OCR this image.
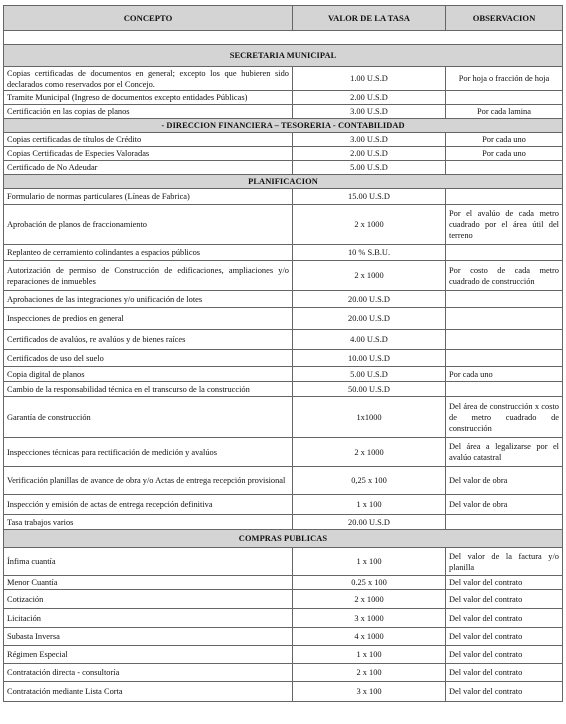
CONCEPTO	VALOR DE LA TASA	OBSERVACION

SECRETARIA MUNICIPAL		
Copias certificadas de documentos en general; excepto los que hubieren sido declarados como reservados por el Concejo.	1.00 U.S.D	Por hoja o fracción de hoja
Tramite Municipal (Ingreso de documentos excepto entidades Públicas)	2.00 U.S.D	
Certificación en las copias de planos	3.00 U.S.D	Por cada lamina
- DIRECCION FINANCIERA – TESORERIA - CONTABILIDAD		
Copias certificadas de títulos de Crédito	3.00 U.S.D	Por cada uno
Copias Certificadas de Especies Valoradas	2.00 U.S.D	Por cada uno
Certificado de No Adeudar	5.00 U.S.D	
PLANIFICACION		
Formulario de normas particulares (Líneas de Fabrica)	15.00 U.S.D	
Aprobación de planos de fraccionamiento	2 x 1000	Por el avalúo de cada metro cuadrado por el área útil del terreno
Replanteo de cerramiento colindantes a espacios públicos	10 % S.B.U.	
Autorización de permiso de Construcción de edificaciones, ampliaciones y/o reparaciones de inmuebles	2 x 1000	Por costo de cada metro cuadrado de construcción
Aprobaciones de las integraciones y/o unificación de lotes	20.00 U.S.D	
Inspecciones de predios en general	20.00 U.S.D	
Certificados de avalúos, re avalúos y de bienes raíces	4.00 U.S.D	
Certificados de uso del suelo	10.00 U.S.D	
Copia digital de planos	5.00 U.S.D	Por cada uno
Cambio de la responsabilidad técnica en el transcurso de la construcción	50.00 U.S.D	
Garantía de construcción	1x1000	Del área de construcción x costo de metro cuadrado de construcción
Inspecciones técnicas para rectificación de medición y avalúos	2 x 1000	Del área a legalizarse por el avalúo catastral
Verificación planillas de avance de obra y/o Actas de entrega recepción provisional	0,25 x 100	Del valor de obra
Inspección y emisión de actas de entrega recepción definitiva	1 x 100	Del valor de obra
Tasa trabajos varios	20.00 U.S.D	
COMPRAS PUBLICAS		
Ínfima cuantía	1 x 100	Del valor de la factura y/o planilla
Menor Cuantía	0.25 x 100	Del valor del contrato
Cotización	2 x 1000	Del valor del contrato
Licitación	3 x 1000	Del valor del contrato
Subasta Inversa	4 x 1000	Del valor del contrato
Régimen Especial	1 x 100	Del valor del contrato
Contratación directa - consultoría	2 x 100	Del valor del contrato
Contratación mediante Lista Corta	3 x 100	Del valor del contrato
